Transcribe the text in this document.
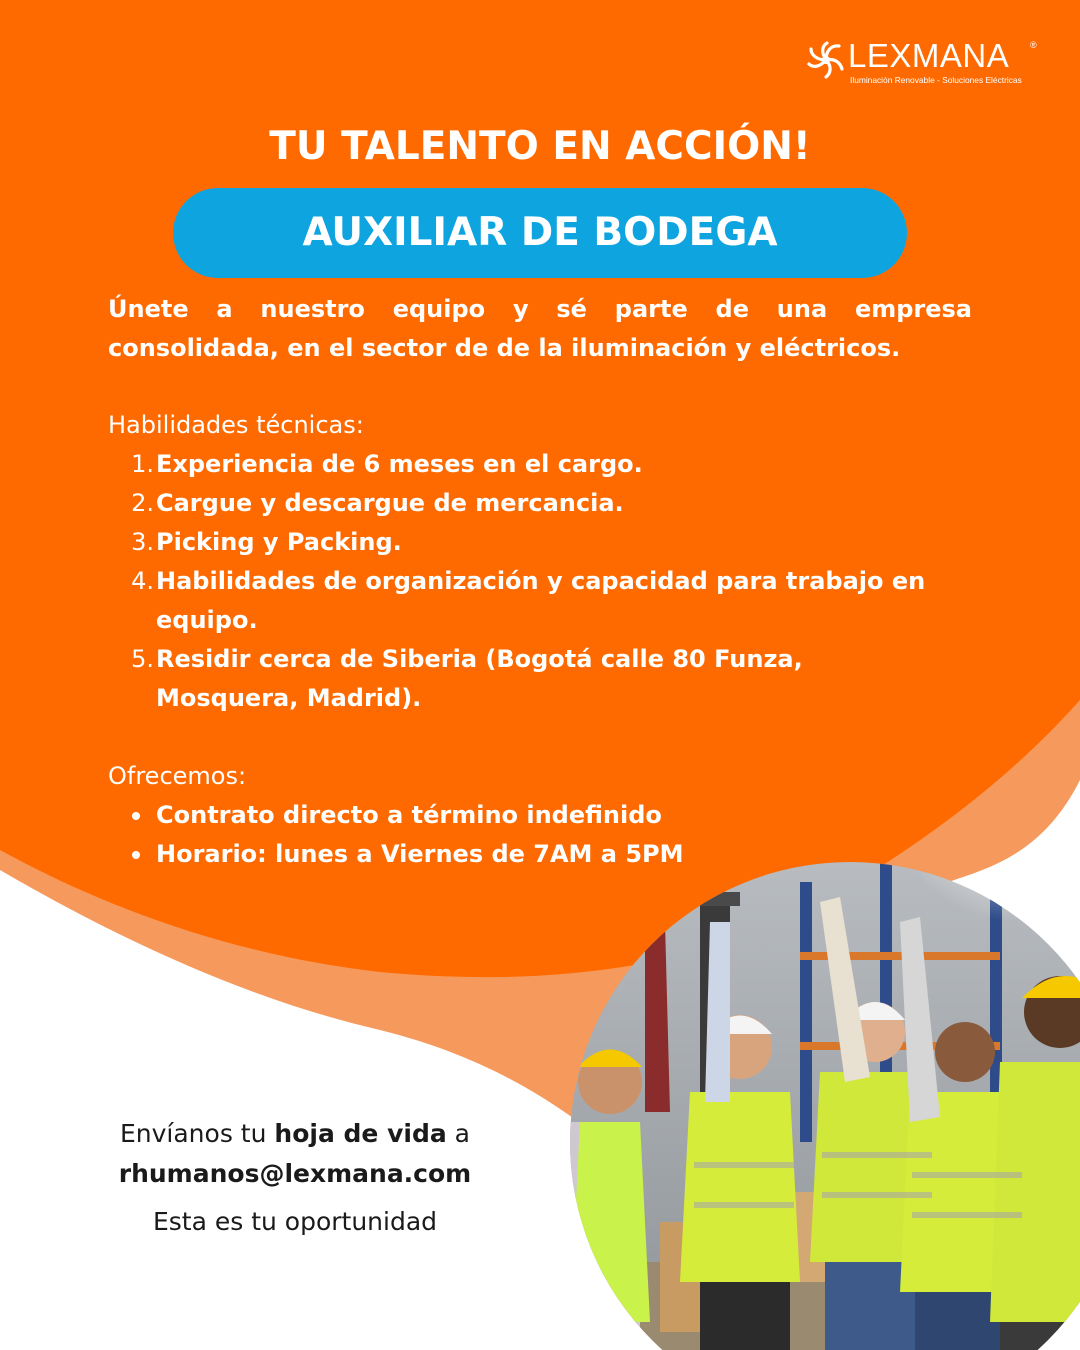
LEXMANA ®
Iluminación Renovable - Soluciones Eléctricas
TU TALENTO EN ACCIÓN!
AUXILIAR DE BODEGA
Únete a nuestro equipo y sé parte de una empresa consolidada, en el sector de de la iluminación y eléctricos.
Habilidades técnicas:
1. Experiencia de 6 meses en el cargo.
2. Cargue y descargue de mercancia.
3. Picking y Packing.
4. Habilidades de organización y capacidad para trabajo en equipo.
5. Residir cerca de Siberia (Bogotá calle 80 Funza, Mosquera, Madrid).
Ofrecemos:
Contrato directo a término indefinido
Horario: lunes a Viernes de 7AM a 5PM
Envíanos tu hoja de vida a
rhumanos@lexmana.com
Esta es tu oportunidad
